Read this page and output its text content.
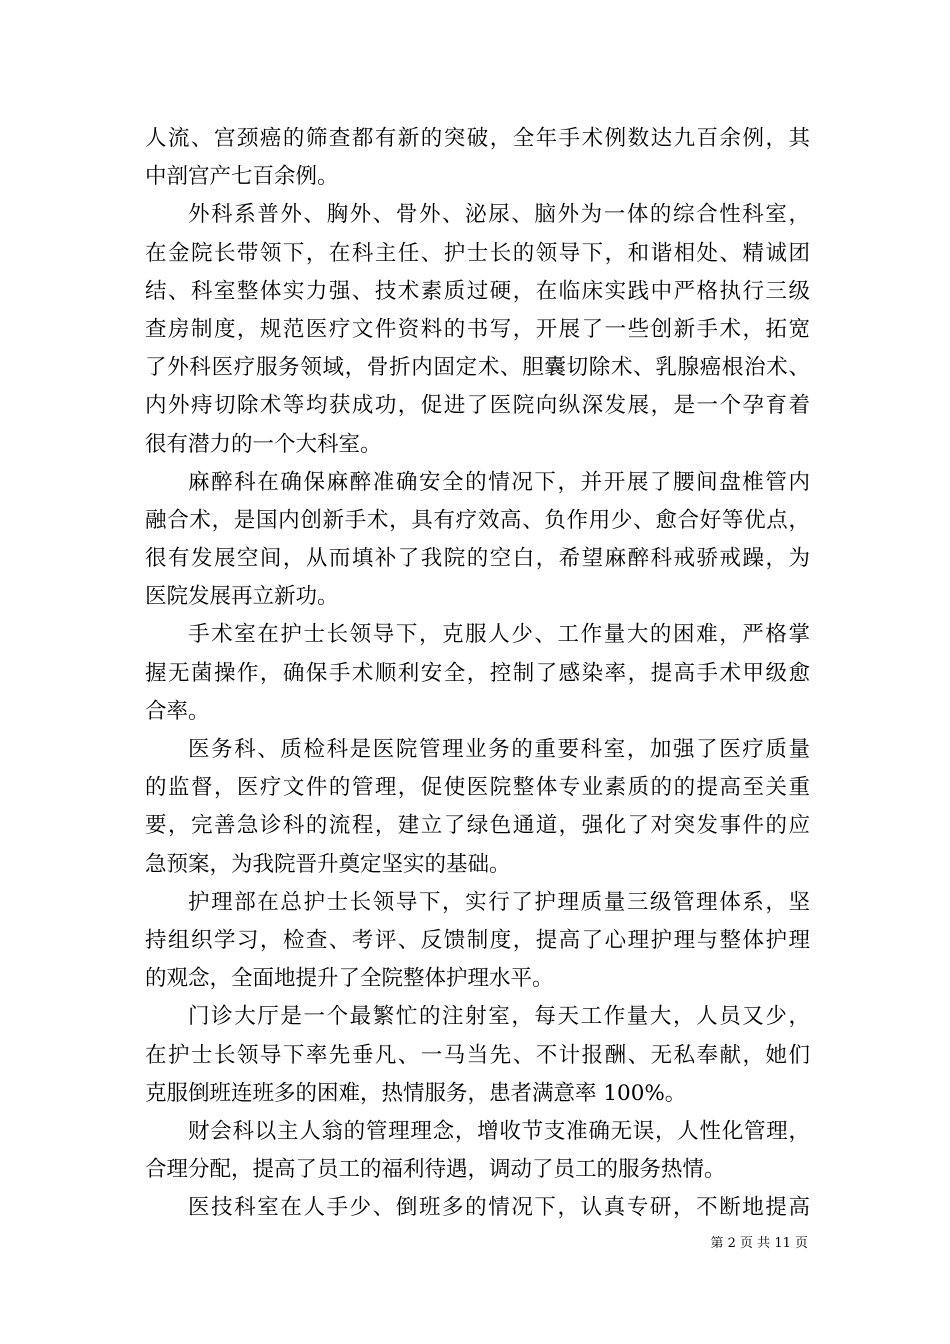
人流、宫颈癌的筛查都有新的突破，全年手术例数达九百余例，其
中剖宫产七百余例。
外科系普外、胸外、骨外、泌尿、脑外为一体的综合性科室，
在金院长带领下，在科主任、护士长的领导下，和谐相处、精诚团
结、科室整体实力强、技术素质过硬，在临床实践中严格执行三级
查房制度，规范医疗文件资料的书写，开展了一些创新手术，拓宽
了外科医疗服务领域，骨折内固定术、胆囊切除术、乳腺癌根治术、
内外痔切除术等均获成功，促进了医院向纵深发展，是一个孕育着
很有潜力的一个大科室。
麻醉科在确保麻醉准确安全的情况下，并开展了腰间盘椎管内
融合术，是国内创新手术，具有疗效高、负作用少、愈合好等优点，
很有发展空间，从而填补了我院的空白，希望麻醉科戒骄戒躁，为
医院发展再立新功。
手术室在护士长领导下，克服人少、工作量大的困难，严格掌
握无菌操作，确保手术顺利安全，控制了感染率，提高手术甲级愈
合率。
医务科、质检科是医院管理业务的重要科室，加强了医疗质量
的监督，医疗文件的管理，促使医院整体专业素质的的提高至关重
要，完善急诊科的流程，建立了绿色通道，强化了对突发事件的应
急预案，为我院晋升奠定坚实的基础。
护理部在总护士长领导下，实行了护理质量三级管理体系，坚
持组织学习，检查、考评、反馈制度，提高了心理护理与整体护理
的观念，全面地提升了全院整体护理水平。
门诊大厅是一个最繁忙的注射室，每天工作量大，人员又少，
在护士长领导下率先垂凡、一马当先、不计报酬、无私奉献，她们
克服倒班连班多的困难，热情服务，患者满意率 100%。
财会科以主人翁的管理理念，增收节支准确无误，人性化管理，
合理分配，提高了员工的福利待遇，调动了员工的服务热情。
医技科室在人手少、倒班多的情况下，认真专研，不断地提高
第 2 页 共 11 页
